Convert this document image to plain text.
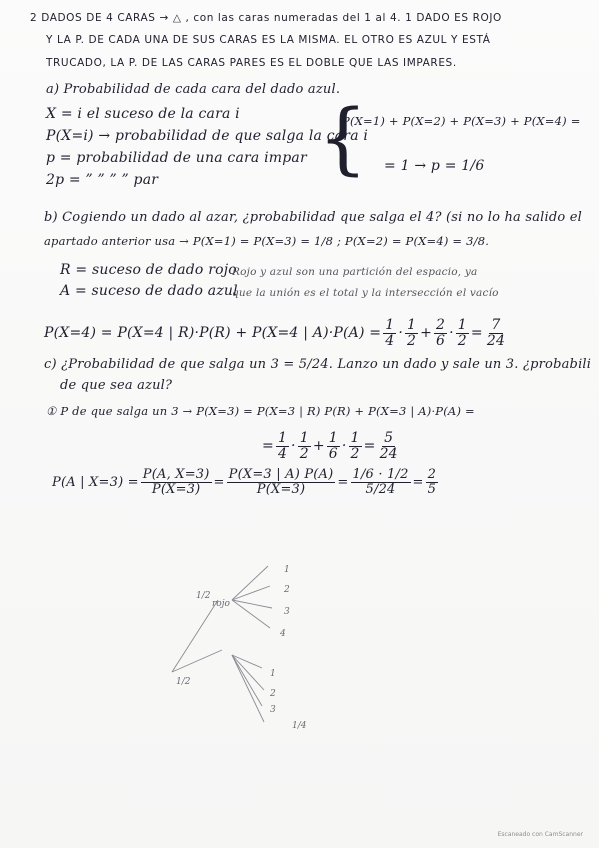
2 DADOS DE 4 CARAS → △ , con las caras numeradas del 1 al 4. 1 DADO ES ROJO
Y LA P. DE CADA UNA DE SUS CARAS ES LA MISMA. EL OTRO ES AZUL Y ESTÁ
TRUCADO, LA P. DE LAS CARAS PARES ES EL DOBLE QUE LAS IMPARES.
a) Probabilidad de cada cara del dado azul.
X = i el suceso de la cara i
P(X=i) → probabilidad de que salga la cara i
p = probabilidad de una cara impar
2p = ” ” ” ” par {
P(X=1) + P(X=2) + P(X=3) + P(X=4) =
= 1 → p = 1/6
b) Cogiendo un dado al azar, ¿probabilidad que salga el 4? (si no lo ha salido el
apartado anterior usa → P(X=1) = P(X=3) = 1/8 ; P(X=2) = P(X=4) = 3/8.
R = suceso de dado rojo
A = suceso de dado azul
Rojo y azul son una partición del espacio, ya
que la unión es el total y la intersección el vacío
P(X=4) = P(X=4 | R)·P(R) + P(X=4 | $A)\cdot P(A) = \frac{1}{4} \cdot \frac{1}{2} + \frac{2}{6} \cdot \frac{1}{2} = \frac{7}{24}$
c) ¿Probabilidad de que salga un 3 = 5/24. Lanzo un dado y sale un 3. ¿probabili
de que sea azul?
① P de que salga un 3 → P(X=3) = P(X=3 | R) P(R) + P(X=3 | A)·P(A) =
= $\frac{1}{4} \cdot \frac{1}{2} + \frac{1}{6} \cdot \frac{1}{2} = \frac{5}{24}$
P(A | $X=3) = \frac{P(A, X=3)}{P(X=3)} = \frac{P(X=3 | A) P(A)}{P(X=3)} = \frac{1/6 \cdot 1/2}{5/24} = \frac{2}{5}$
rojo
1/2
1/2
1
2
3
4
1
2
3
1/4
Escaneado con CamScanner
